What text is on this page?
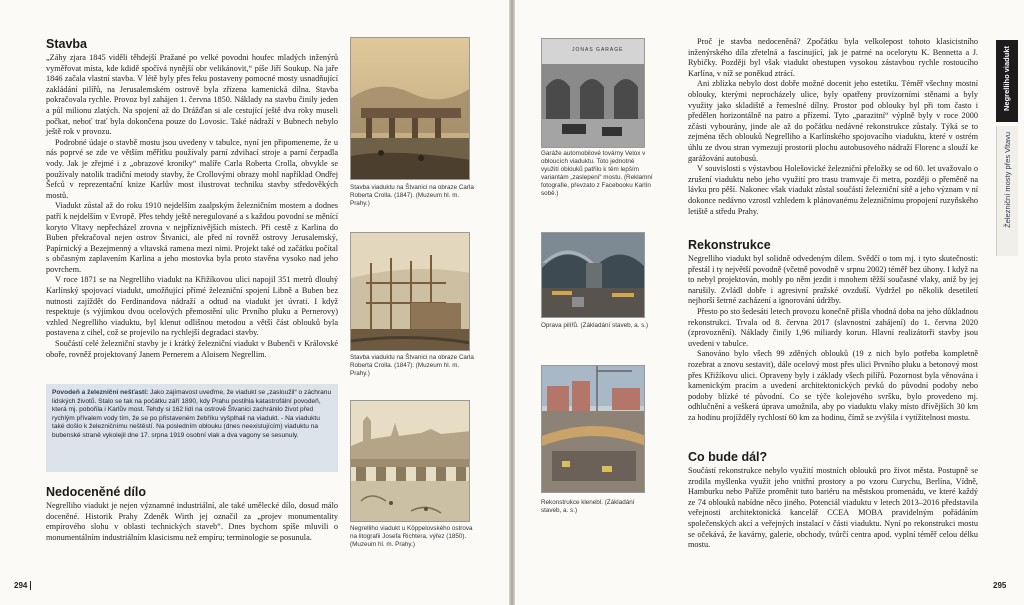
Stavba

„Záhy zjara 1845 viděli těhdejší Pražané po velké povodni houfec mladých inženýrů vyměřovat místa, kde kdidě spočívá nynější obr velikánovit,“ píše Jiří Soukup. Na jaře 1846 začala vlastní stavba. V létě byly přes řeku postaveny pomocné mosty usnadňující zakládání pilířů, na Jerusalemském ostrově byla zřízena kamenická dílna. Stavba pokračovala rychle. Provoz byl zahájen 1. června 1850. Náklady na stavbu činily jeden a půl milionu zlatých. Na spojení až do Drážďan si ale cestující ještě dva roky museli počkat, neboť trať byla dokončena pouze do Lovosic. Také nádraží v Bubnech nebylo ještě rok v provozu.

Podrobné údaje o stavbě mostu jsou uvedeny v tabulce, nyní jen připomeneme, že u nás poprvé se zde ve větším měřítku používaly parní zdvihací stroje a parní čerpadla vody. Jak je zřejmé i z „obrazové kroniky“ malíře Carla Roberta Crolla, obvykle se používaly natolik tradiční metody stavby, že Crollovými obrazy mohl například Ondřej Šefců v reprezentační knize Karlův most ilustrovat techniku stavby středověkých mostů.

Viadukt zůstal až do roku 1910 nejdelším zaalpským železničním mostem a dodnes patří k nejdelším v Evropě. Přes tehdy ještě neregulované a s každou povodní se měnící koryto Vltavy nepřecházel zrovna v nejpříznivějších místech. Při cestě z Karlina do Buben překračoval nejen ostrov Štvanici, ale před ní rovněž ostrovy Jerusalemský, Papírnický a Bezejmenný a vltavská ramena mezi nimi. Projekt také od začátku počítal s občasným zaplavením Karlina a jeho mostovka byla proto stavěna vysoko nad jeho povrchem.

V roce 1871 se na Negrelliho viadukt na Křižíkovou ulici napojil 351 metrů dlouhý Karlínský spojovací viadukt, umožňující přímé železniční spojení Libně a Buben bez nutnosti zajíždět do Ferdinandova nádraží a odtud na viadukt jet úvrati. I když respektuje (s výjimkou dvou ocelových přemostění ulic Prvního pluku a Pernerovy) vzhled Negrelliho viaduktu, byl klenut odlišnou metodou a větší část oblouků byla postavena z cihel, což se projevilo na rychlejší degradaci stavby.

Součástí celé železniční stavby je i krátký železniční viadukt v Bubenči v Královské oboře, rovněž projektovaný Janem Pernerem a Aloisem Negrellim.

Povodeň a železniční nešťastí: Jako zajímavost uveďme, že viadukt se „zasloužil“ o záchranu lidských životů. Stalo se tak na počátku září 1890, kdy Prahu postihla katastrofální povodeň, která mj. pobořila i Karlův most. Tehdy si 162 lidí na ostrově Štvanici zachránilo život před rychlým přívalem vody tím, že se po přistaveném žebříku vyšplhali na viadukt. - Na viaduktu také došlo k železničnímu neštěstí. Na posledním oblouku (dnes neexistujícím) viaduktu na bubenské straně vykolejil dne 17. srpna 1919 osobní vlak a dva vagony se sesunuly.
Nedoceněné dílo

Negrelliho viadukt je nejen významné industriální, ale také umělecké dílo, dosud málo doceněné. Historik Prahy Zdeněk Wirth jej označil za „projev monumentality empírového slohu v oblasti technických staveb“. Dnes bychom spíše mluvili o monumentálním industriálním klasicismu než empíru; terminologie se posunula.

Stavba viaduktu na Štvanici na obraze Carla Roberta Crolla. (1847). (Muzeum hl. m. Prahy.)
Stavba viaduktu na Štvanici na obraze Carla Roberta Crolla. (1847). (Muzeum hl. m. Prahy.)
Negrelliho viadukt u Köppelovského ostrova na litografii Josefa Richtera, výřez (1850). (Muzeum hl. m. Prahy.)
294
JONAS GARAGE
Garáže automobilové továrny Velox v obloucích viaduktu. Toto jednotné využití oblouků patřilo k těm lepším variantám „zaslepení“ mostu. (Reklamní fotografie, převzato z Facebooku Karlín sobě.)
Oprava pilířů. (Základání staveb, a. s.)
Rekonstrukce klenebl. (Základání staveb, a. s.)

Proč je stavba nedoceněná? Zpočátku byla velkolepost tohoto klasicistního inženýrského díla zřetelná a fascinující, jak je patrné na ocelorytu K. Bennetta a J. Rybičky. Později byl však viadukt obestupen vysokou zástavbou rychle rostoucího Karlína, v níž se poněkud ztrácí.

Ani zblízka nebylo dost dobře možné docenit jeho estetiku. Téměř všechny mostní oblouky, kterými neprocházely ulice, byly opatřeny provizorními stěnami a byly využity jako skladiště a řemeslné dílny. Prostor pod oblouky byl při tom často i předělen horizontálně na patro a přízemí. Tyto „parazitní“ výplně byly v roce 2000 zčásti vybourány, jinde ale až do počátku nedávné rekonstrukce zůstaly. Týká se to zejména těch oblouků Negrelliho a Karlínského spojovacího viaduktu, které v ostrém úhlu ze dvou stran vymezují prostorii plochu autobusového nádraží Florenc a slouží ke garážování autobusů.

V souvislosti s výstavbou Holešovické železniční přeložky se od 60. let uvažovalo o zrušení viaduktu nebo jeho využití pro trasu tramvaje či metra, později o přeměně na lávku pro pěší. Nakonec však viadukt zůstal součástí železniční sítě a jeho význam v ní dokonce nedávno vzrostl vzhledem k plánovanému železničnímu propojení ruzyňského letiště a středu Prahy.

Rekonstrukce

Negrelliho viadukt byl solidně odvedeným dílem. Svědčí o tom mj. i tyto skutečnosti: přestál i ty největší povodně (včetně povodně v srpnu 2002) téměř bez úhony. I když na to nebyl projektován, mohly po něm jezdit i mnohem těžší současné vlaky, aniž by jej narušily. Zvládl dobře i agresivní pražské ovzduší. Vydržel po několik desetiletí nejhorší šetrné zacházení a ignorování údržby.

Přesto po sto šedesáti letech provozu konečně přišla vhodná doba na jeho důkladnou rekonstrukci. Trvala od 8. června 2017 (slavnostní zahájení) do 1. června 2020 (zprovoznění). Náklady činily 1,96 miliardy korun. Hlavní realizátorři stavby jsou uvedeni v tabulce.

Sanováno bylo všech 99 zděných oblouků (19 z nich bylo potřeba kompletně rozebrat a znovu sestavit), dále ocelový most přes ulici Prvního pluku a betonový most přes Křižíkovu ulici. Opraveny byly i základy všech pilířů. Pozornost byla věnována i kamenickým pracím a uvedení architektonických prvků do původní podoby nebo podoby blízké té původní. Co se týče kolejového svršku, bylo provedeno mj. odhlučnění a veškerá úprava umožnila, aby po viaduktu vlaky místo dřívějších 30 km za hodinu projížděly rychlostí 60 km za hodinu, čímž se zvýšila i vytížitelnost mostu.

Co bude dál?

Součástí rekonstrukce nebylo využití mostních oblouků pro život města. Postupně se zrodila myšlenka využít jeho vnitřní prostory a po vzoru Curychu, Berlína, Vídně, Hamburku nebo Paříže proměnit tuto bariéru na městskou promenádu, ve které každý ze 74 oblouků nabídne něco jiného. Potenciál viaduktu v letech 2013–2016 představila veřejnosti architektonická kancelář CCEA MOBA pravidelným pořádáním společenských akcí a veřejných instalací v části viaduktu. Nyní po rekonstrukci mostu se očekává, že kavárny, galerie, obchody, tvůrčí centra apod. vyplní téměř celou délku mostu.

Negrelliho viadukt
Železniční mosty přes Vltavu
295
